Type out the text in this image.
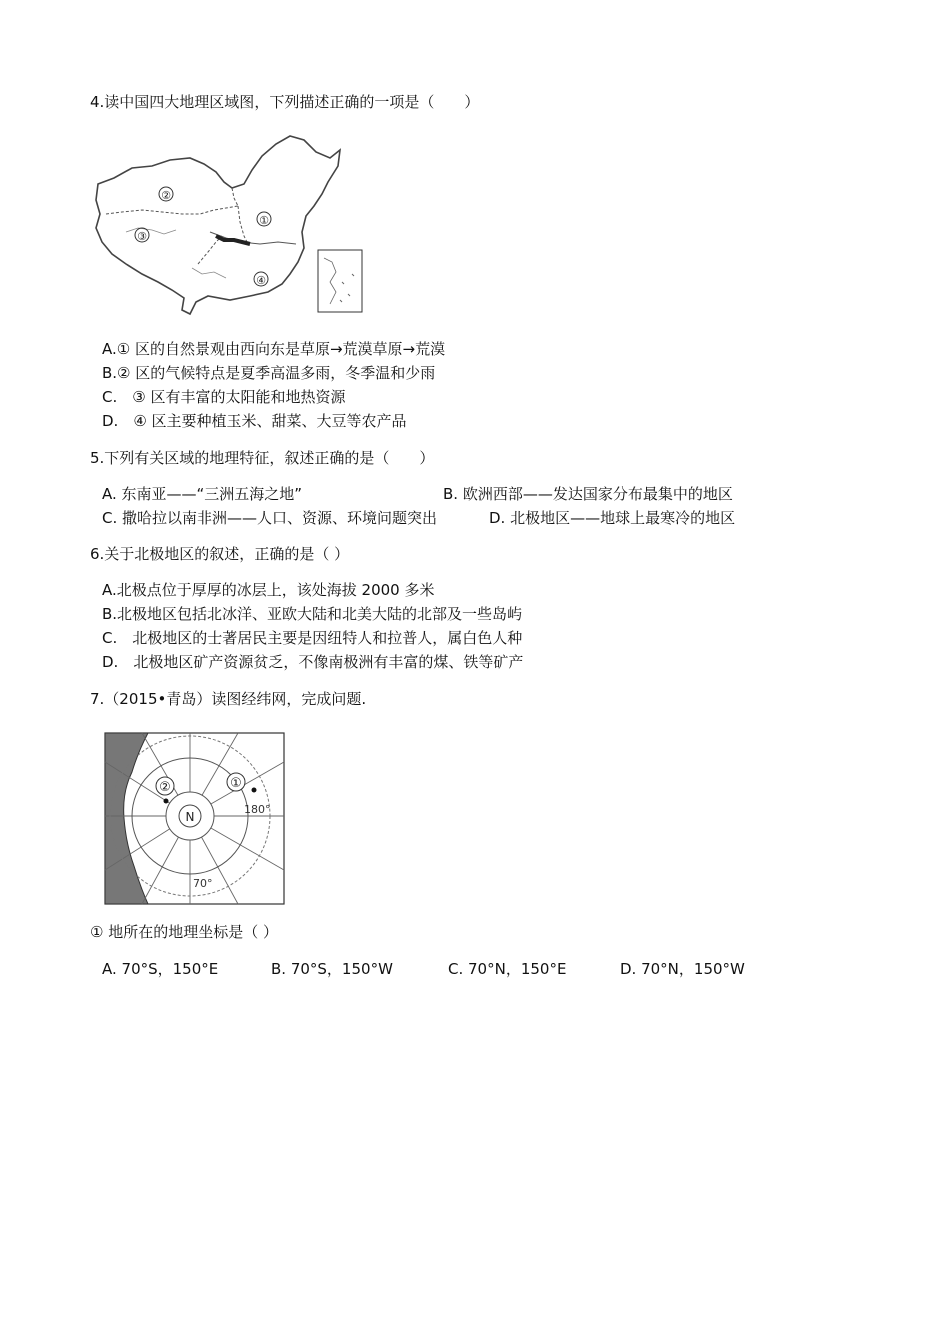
4.读中国四大地理区域图，下列描述正确的一项是（　　）
②
①
③
④
A.① 区的自然景观由西向东是草原→荒漠草原→荒漠
B.② 区的气候特点是夏季高温多雨，冬季温和少雨
C.　③ 区有丰富的太阳能和地热资源
D.　④ 区主要种植玉米、甜菜、大豆等农产品
5.下列有关区域的地理特征，叙述正确的是（　　）
A. 东南亚——“三洲五海之地”	B. 欧洲西部——发达国家分布最集中的地区
C. 撒哈拉以南非洲——人口、资源、环境问题突出	D. 北极地区——地球上最寒冷的地区
6.关于北极地区的叙述，正确的是（ ）
A.北极点位于厚厚的冰层上，该处海拔 2000 多米
B.北极地区包括北冰洋、亚欧大陆和北美大陆的北部及一些岛屿
C.　北极地区的士著居民主要是因纽特人和拉普人，属白色人种
D.　北极地区矿产资源贫乏，不像南极洲有丰富的煤、铁等矿产
7.（2015•青岛）读图经纬网，完成问题.
N
②	①
180°
70°
① 地所在的地理坐标是（ ）
A. 70°S，150°E	B. 70°S，150°W	C. 70°N，150°E	D. 70°N，150°W
